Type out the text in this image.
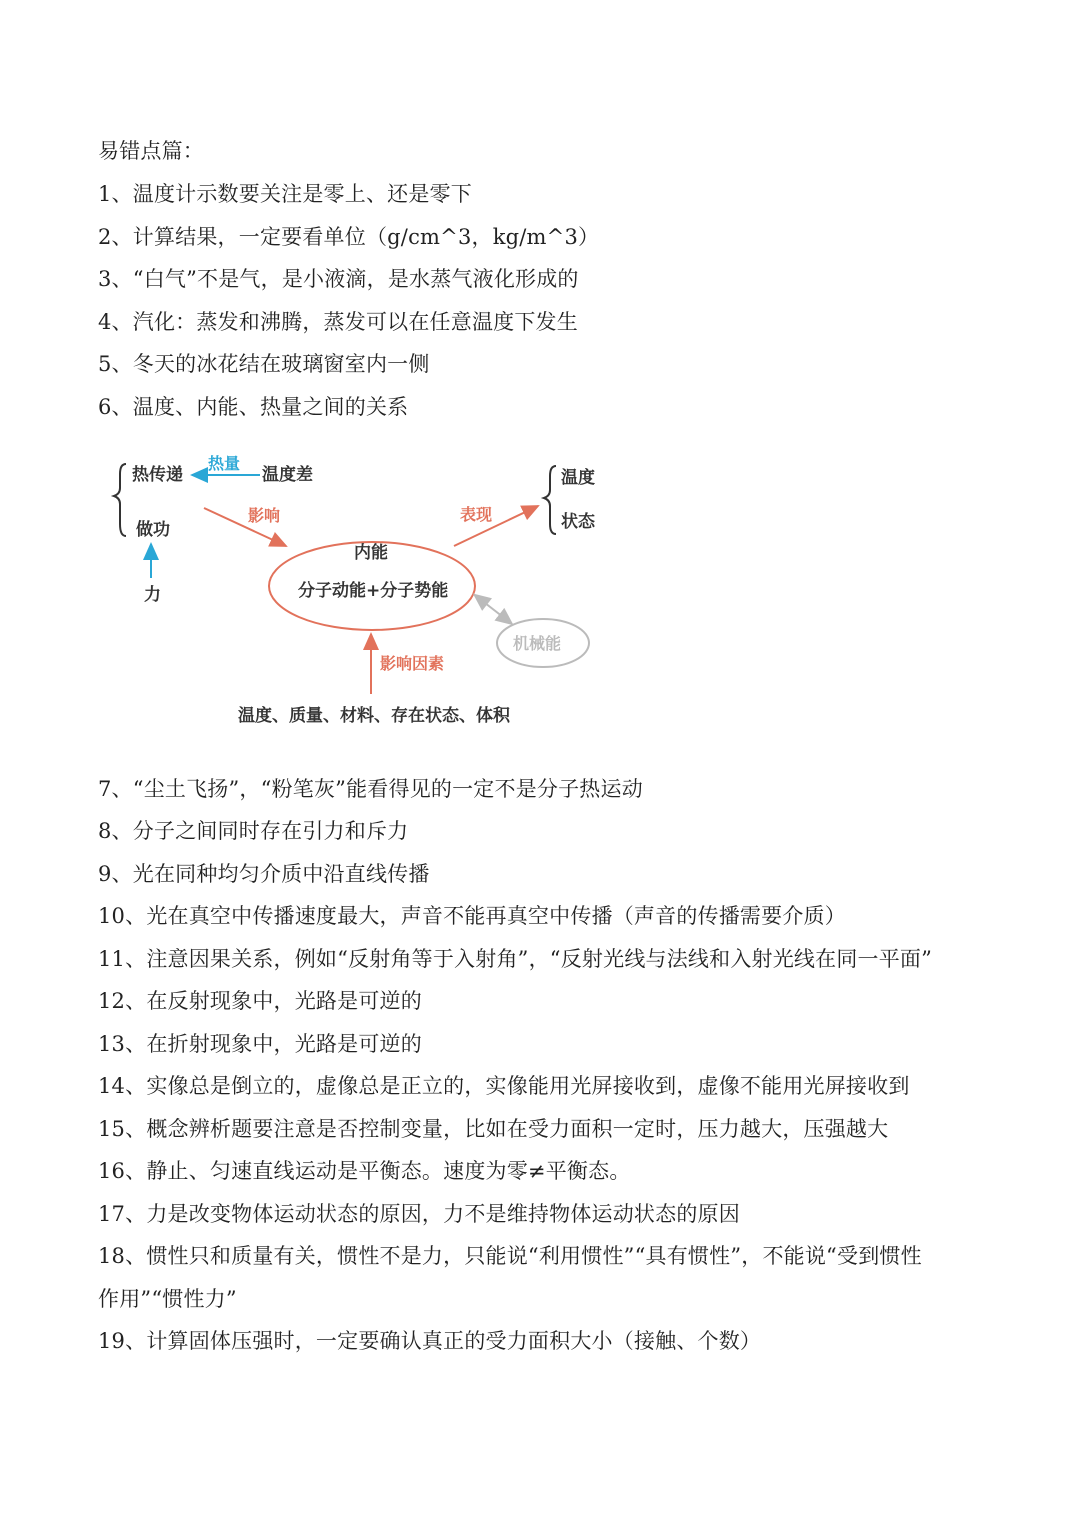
易错点篇：
1、温度计示数要关注是零上、还是零下
2、计算结果，一定要看单位（g/cm^3，kg/m^3）
3、“白气”不是气，是小液滴，是水蒸气液化形成的
4、汽化：蒸发和沸腾，蒸发可以在任意温度下发生
5、冬天的冰花结在玻璃窗室内一侧
6、温度、内能、热量之间的关系
热传递
热量
温度差
做功
力
影响
内能
分子动能+分子势能
表现
温度
状态
机械能
影响因素
温度、质量、材料、存在状态、体积
7、“尘土飞扬”，“粉笔灰”能看得见的一定不是分子热运动
8、分子之间同时存在引力和斥力
9、光在同种均匀介质中沿直线传播
10、光在真空中传播速度最大，声音不能再真空中传播（声音的传播需要介质）
11、注意因果关系，例如“反射角等于入射角”，“反射光线与法线和入射光线在同一平面”
12、在反射现象中，光路是可逆的
13、在折射现象中，光路是可逆的
14、实像总是倒立的，虚像总是正立的，实像能用光屏接收到，虚像不能用光屏接收到
15、概念辨析题要注意是否控制变量，比如在受力面积一定时，压力越大，压强越大
16、静止、匀速直线运动是平衡态。速度为零≠平衡态。
17、力是改变物体运动状态的原因，力不是维持物体运动状态的原因
18、惯性只和质量有关，惯性不是力，只能说“利用惯性”“具有惯性”，不能说“受到惯性
作用”“惯性力”
19、计算固体压强时，一定要确认真正的受力面积大小（接触、个数）
